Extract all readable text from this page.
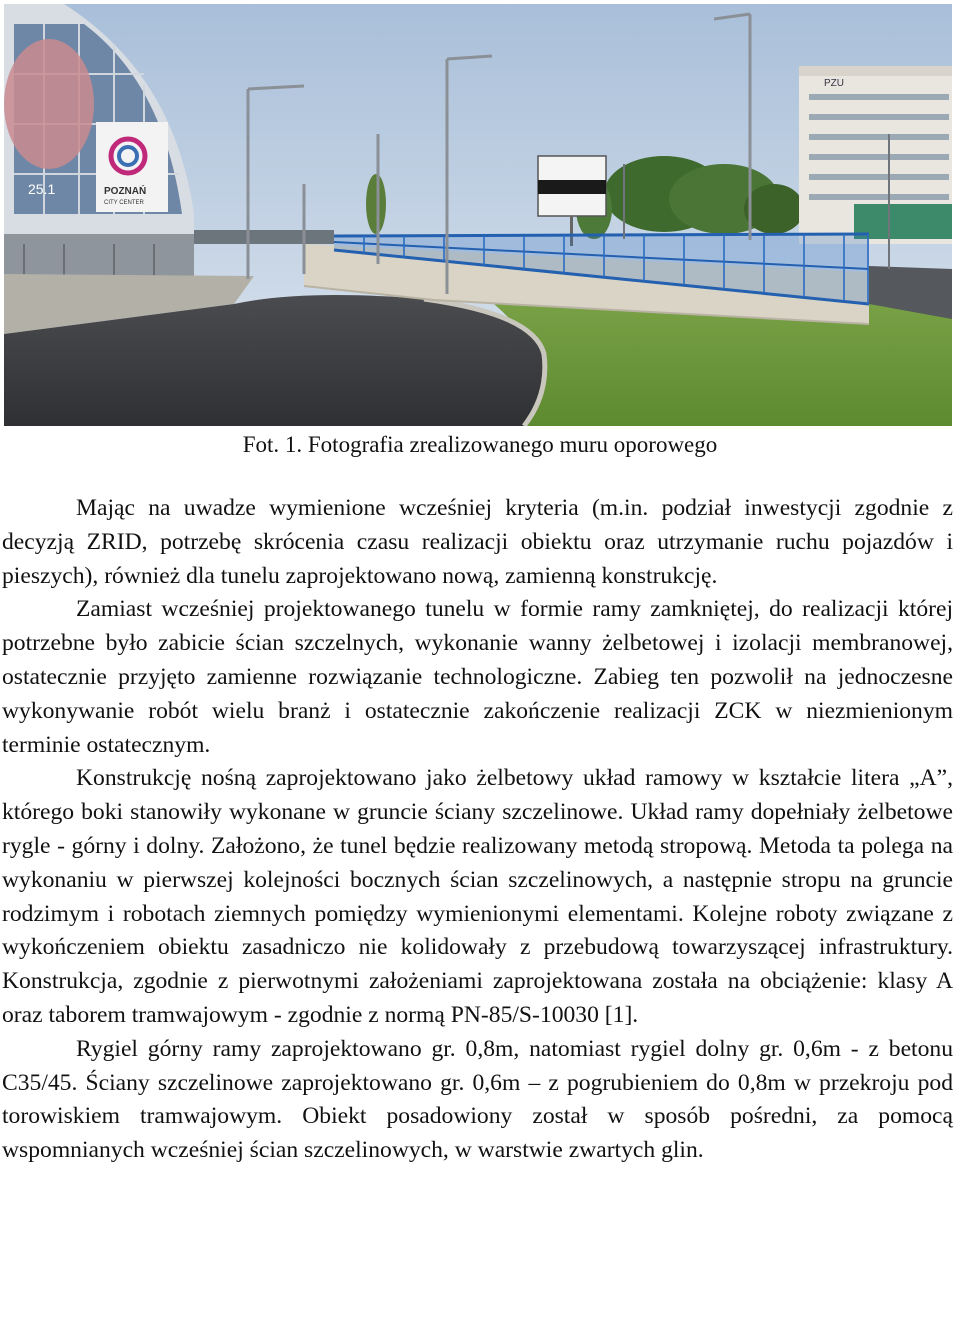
PZU
POZNAŃ
CITY CENTER
25.1
Fot. 1. Fotografia zrealizowanego muru oporowego

Mając na uwadze wymienione wcześniej kryteria (m.in. podział inwestycji zgodnie z decyzją ZRID, potrzebę skrócenia czasu realizacji obiektu oraz utrzymanie ruchu pojazdów i pieszych), również dla tunelu zaprojektowano nową, zamienną konstrukcję.

Zamiast wcześniej projektowanego tunelu w formie ramy zamkniętej, do realizacji której potrzebne było zabicie ścian szczelnych, wykonanie wanny żelbetowej i izolacji membranowej, ostatecznie przyjęto zamienne rozwiązanie technologiczne. Zabieg ten pozwolił na jednoczesne wykonywanie robót wielu branż i ostatecznie zakończenie realizacji ZCK w niezmienionym terminie ostatecznym.

Konstrukcję nośną zaprojektowano jako żelbetowy układ ramowy w kształcie litera „A”, którego boki stanowiły wykonane w gruncie ściany szczelinowe. Układ ramy dopełniały żelbetowe rygle - górny i dolny. Założono, że tunel będzie realizowany metodą stropową. Metoda ta polega na wykonaniu w pierwszej kolejności bocznych ścian szczelinowych, a następnie stropu na gruncie rodzimym i robotach ziemnych pomiędzy wymienionymi elementami. Kolejne roboty związane z wykończeniem obiektu zasadniczo nie kolidowały z przebudową towarzyszącej infrastruktury. Konstrukcja, zgodnie z pierwotnymi założeniami zaprojektowana została na obciążenie: klasy A oraz taborem tramwajowym - zgodnie z normą PN-85/S-10030 [1].

Rygiel górny ramy zaprojektowano gr. 0,8m, natomiast rygiel dolny gr. 0,6m - z betonu C35/45. Ściany szczelinowe zaprojektowano gr. 0,6m – z pogrubieniem do 0,8m w przekroju pod torowiskiem tramwajowym. Obiekt posadowiony został w sposób pośredni, za pomocą wspomnianych wcześniej ścian szczelinowych, w warstwie zwartych glin.
